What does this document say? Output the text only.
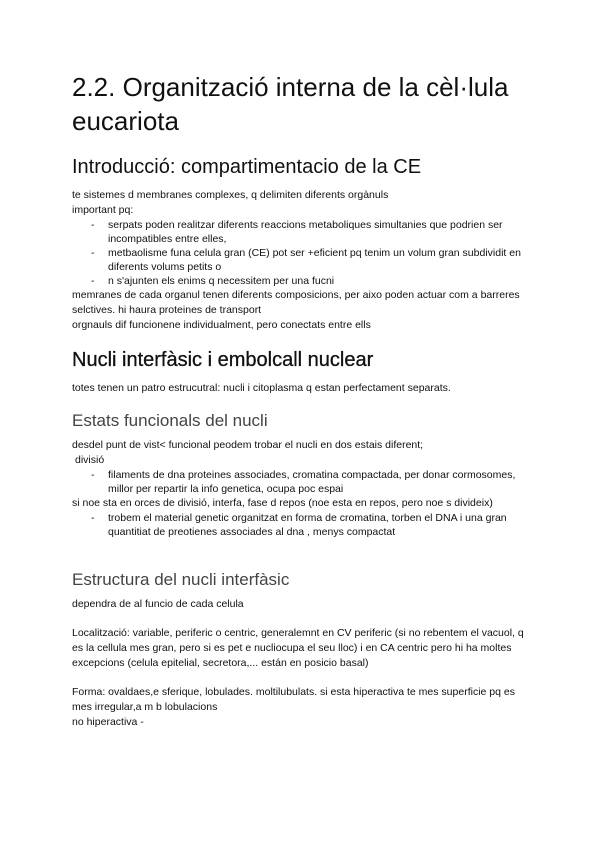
2.2. Organització interna de la cèl·lula eucariota
Introducció: compartimentacio de la CE

te sistemes d membranes complexes, q delimiten diferents orgànuls

important pq:

- serpats poden realitzar diferents reaccions metaboliques simultanies que podrien ser incompatibles entre elles,
- metbaolisme funa celula gran (CE) pot ser +eficient pq tenim un volum gran subdividit en diferents volums petits o
- n s'ajunten els enims q necessitem per una fucni

memranes de cada organul tenen diferents composicions, per aixo poden actuar com a barreres selctives. hi haura proteines de transport

orgnauls dif funcionene individualment, pero conectats entre ells

Nucli interfàsic i embolcall nuclear

totes tenen un patro estrucutral: nucli i citoplasma q estan perfectament separats.

Estats funcionals del nucli

desdel punt de vist< funcional peodem trobar el nucli en dos estais diferent;

divisió

- filaments de dna proteines associades, cromatina compactada, per donar cormosomes, millor per repartir la info genetica, ocupa poc espai

si noe sta en orces de divisió, interfa, fase d repos (noe esta en repos, pero noe s divideix)

- trobem el material genetic organitzat en forma de cromatina, torben el DNA i una gran quantitiat de preotienes associades al dna , menys compactat
Estructura del nucli interfàsic

dependra de al funcio de cada celula

Localització: variable, periferic o centric, generalemnt en CV periferic (si no rebentem el vacuol, q es la cellula mes gran, pero si es pet e nucliocupa el seu lloc) i en CA centric pero hi ha moltes excepcions (celula epitelial, secretora,... están en posicio basal)

Forma: ovaldaes,e sferique, lobulades. moltilubulats. si esta hiperactiva te mes superficie pq es mes irregular,a m b lobulacions

no hiperactiva -
